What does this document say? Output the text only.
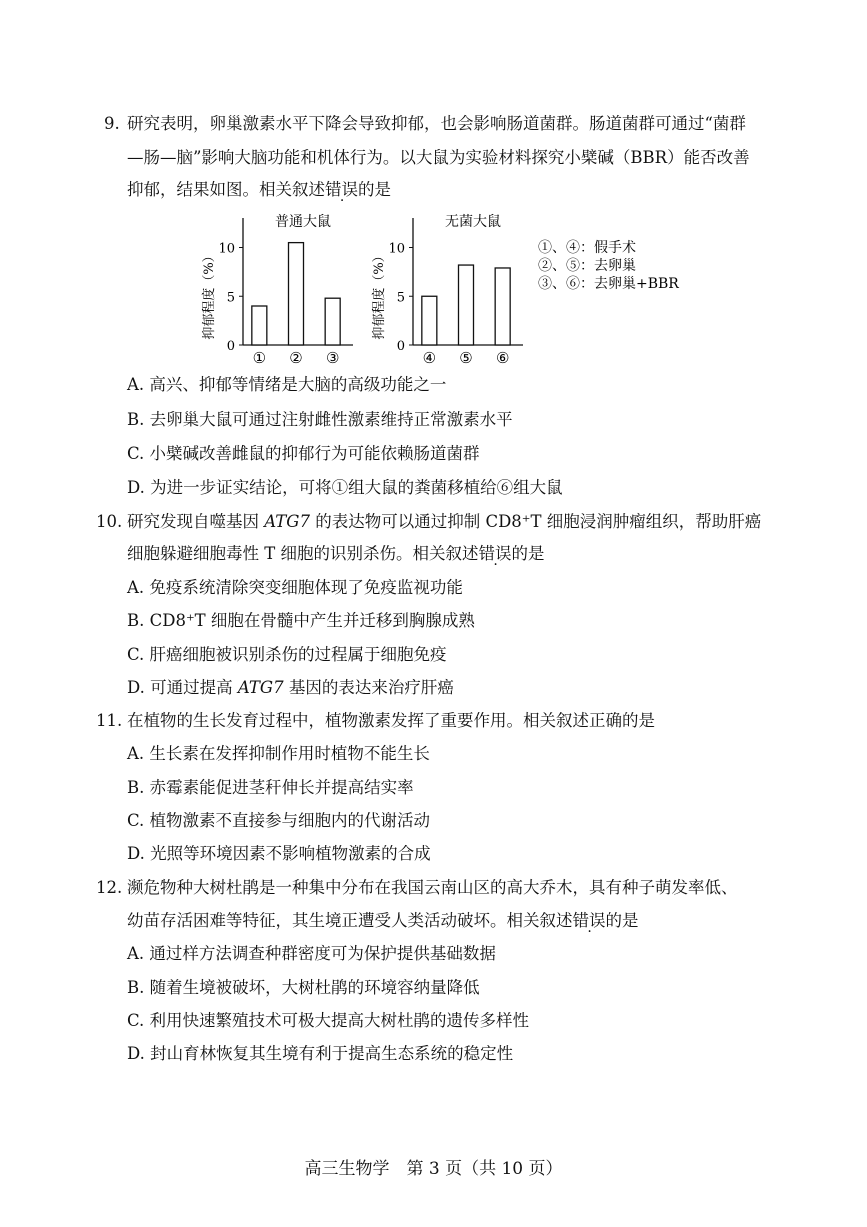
9. 研究表明，卵巢激素水平下降会导致抑郁，也会影响肠道菌群。肠道菌群可通过“菌群
—肠—脑”影响大脑功能和机体行为。以大鼠为实验材料探究小檗碱（BBR）能否改善
抑郁，结果如图。相关叙述错误的是
普通大鼠
0
5
10
抑郁程度（%）
① ② ③
无菌大鼠
0
5
10
抑郁程度（%）
④ ⑤ ⑥
①、④：假手术
②、⑤：去卵巢
③、⑥：去卵巢+BBR
A. 高兴、抑郁等情绪是大脑的高级功能之一
B. 去卵巢大鼠可通过注射雌性激素维持正常激素水平
C. 小檗碱改善雌鼠的抑郁行为可能依赖肠道菌群
D. 为进一步证实结论，可将①组大鼠的粪菌移植给⑥组大鼠
10. 研究发现自噬基因 ATG7 的表达物可以通过抑制 CD8⁺T 细胞浸润肿瘤组织，帮助肝癌
细胞躲避细胞毒性 T 细胞的识别杀伤。相关叙述错误的是
A. 免疫系统清除突变细胞体现了免疫监视功能
B. CD8⁺T 细胞在骨髓中产生并迁移到胸腺成熟
C. 肝癌细胞被识别杀伤的过程属于细胞免疫
D. 可通过提高 ATG7 基因的表达来治疗肝癌
11. 在植物的生长发育过程中，植物激素发挥了重要作用。相关叙述正确的是
A. 生长素在发挥抑制作用时植物不能生长
B. 赤霉素能促进茎秆伸长并提高结实率
C. 植物激素不直接参与细胞内的代谢活动
D. 光照等环境因素不影响植物激素的合成
12. 濒危物种大树杜鹃是一种集中分布在我国云南山区的高大乔木，具有种子萌发率低、
幼苗存活困难等特征，其生境正遭受人类活动破坏。相关叙述错误的是
A. 通过样方法调查种群密度可为保护提供基础数据
B. 随着生境被破坏，大树杜鹃的环境容纳量降低
C. 利用快速繁殖技术可极大提高大树杜鹃的遗传多样性
D. 封山育林恢复其生境有利于提高生态系统的稳定性
高三生物学　第 3 页（共 10 页）
